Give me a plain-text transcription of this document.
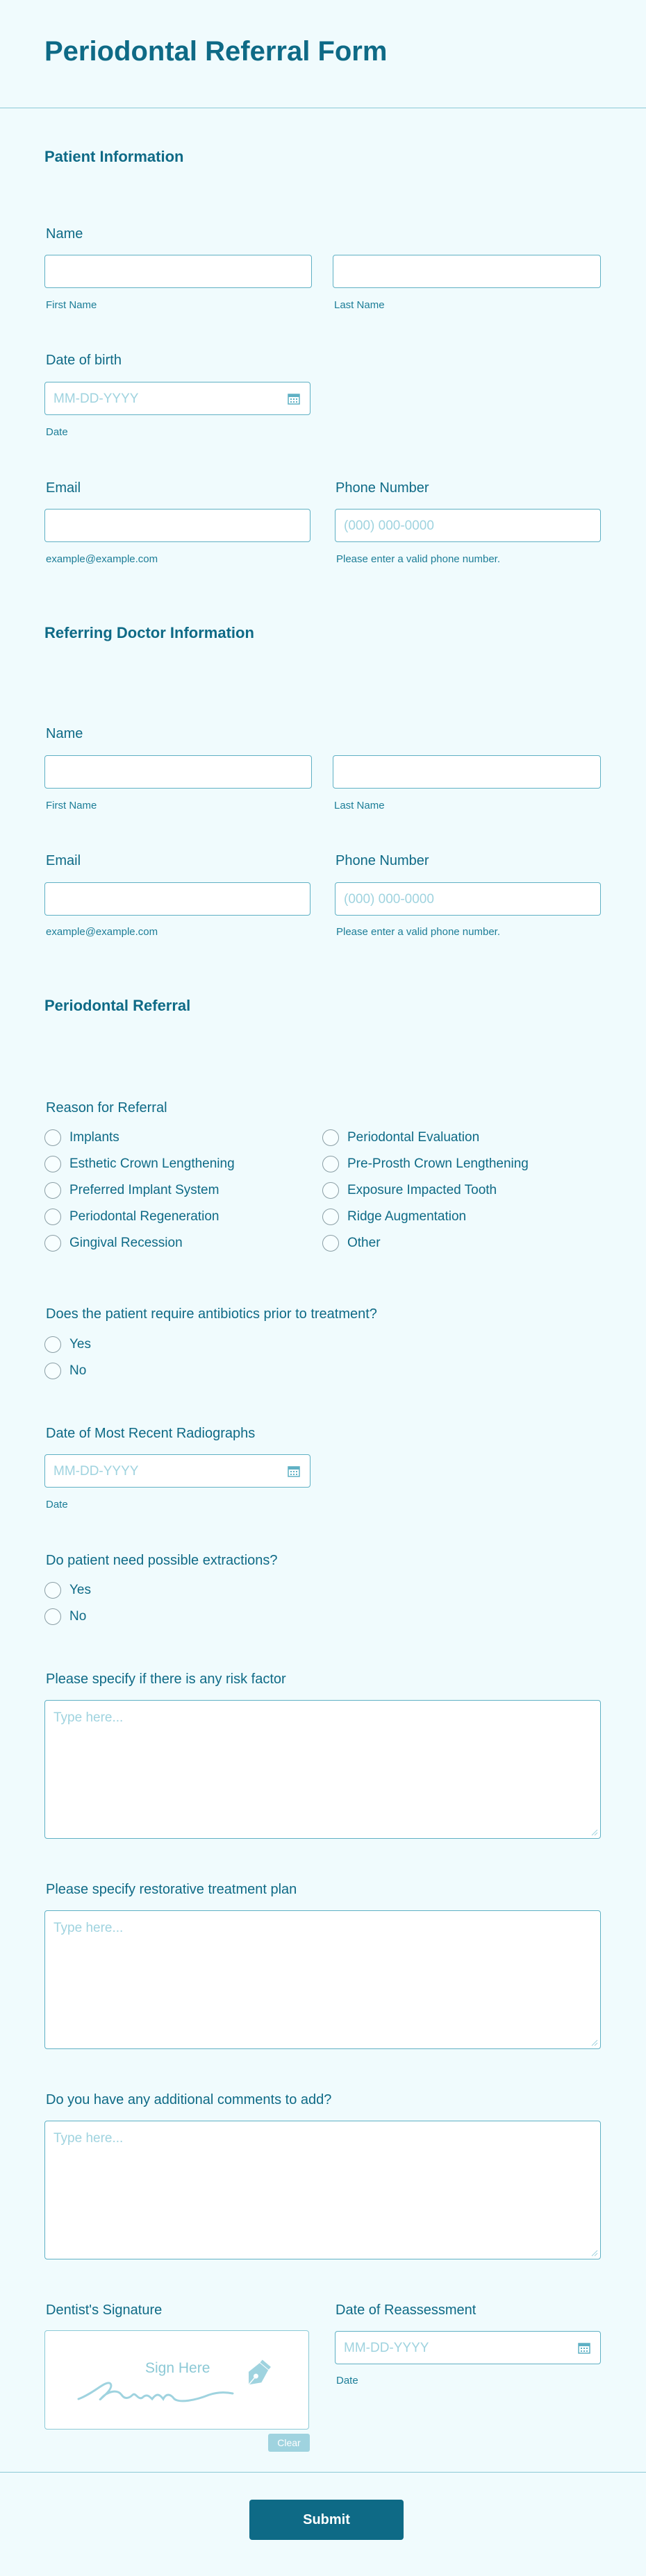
Periodontal Referral Form
Patient Information
Name
First Name	Last Name
Date of birth
MM-DD-YYYY
Date
Email
example@example.com
Phone Number
(000) 000-0000
Please enter a valid phone number.
Referring Doctor Information
Name
First Name	Last Name
Email
example@example.com
Phone Number
(000) 000-0000
Please enter a valid phone number.
Periodontal Referral
Reason for Referral
Implants
Esthetic Crown Lengthening
Preferred Implant System
Periodontal Regeneration
Gingival Recession
Periodontal Evaluation
Pre-Prosth Crown Lengthening
Exposure Impacted Tooth
Ridge Augmentation
Other
Does the patient require antibiotics prior to treatment?
Yes
No
Date of Most Recent Radiographs
MM-DD-YYYY
Date
Do patient need possible extractions?
Yes
No
Please specify if there is any risk factor
Type here...
Please specify restorative treatment plan
Type here...
Do you have any additional comments to add?
Type here...
Dentist's Signature
Sign Here
Clear
Date of Reassessment
MM-DD-YYYY
Date
Submit
